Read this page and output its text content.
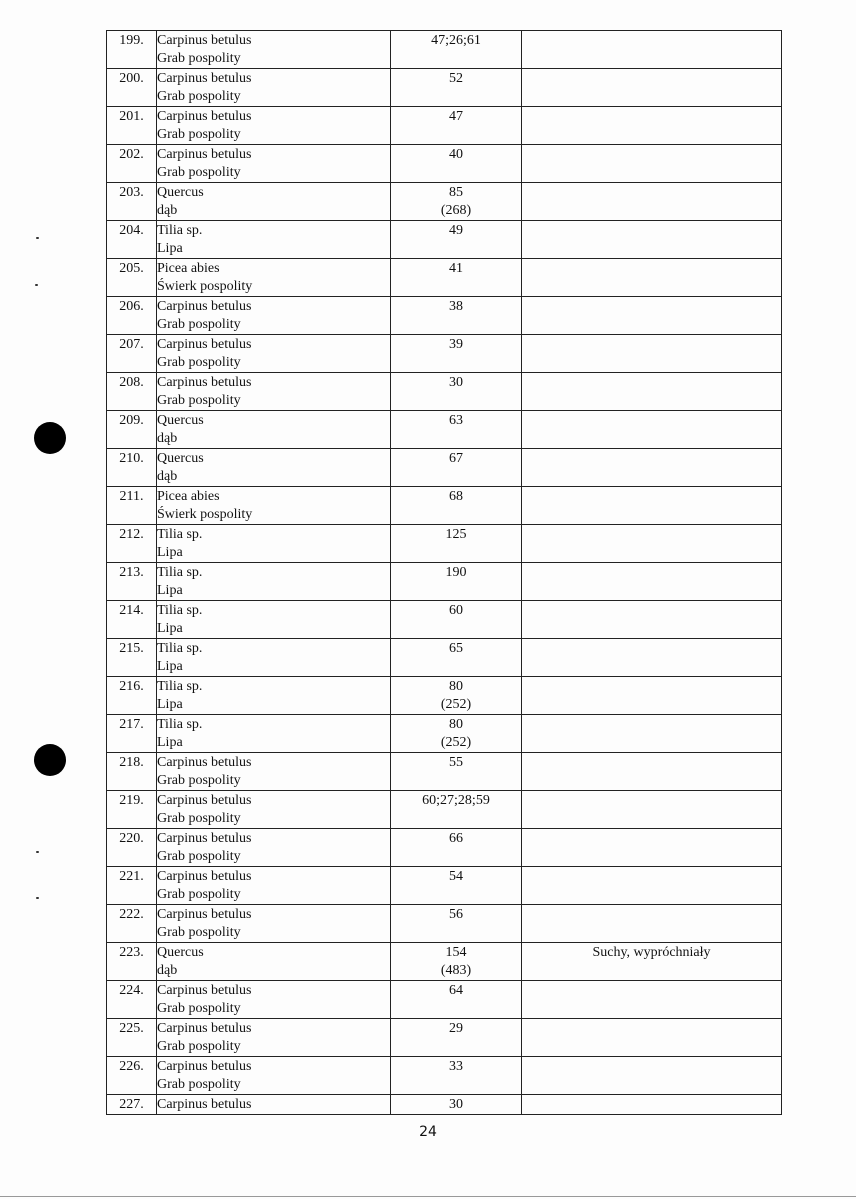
199.	Carpinus betulus
Grab pospolity	47;26;61	

200.	Carpinus betulus
Grab pospolity	52	

201.	Carpinus betulus
Grab pospolity	47	

202.	Carpinus betulus
Grab pospolity	40	

203.	Quercus
dąb	85
(268)	

204.	Tilia sp.
Lipa	49	

205.	Picea abies
Świerk pospolity	41	

206.	Carpinus betulus
Grab pospolity	38	

207.	Carpinus betulus
Grab pospolity	39	

208.	Carpinus betulus
Grab pospolity	30	

209.	Quercus
dąb	63	

210.	Quercus
dąb	67	

211.	Picea abies
Świerk pospolity	68	

212.	Tilia sp.
Lipa	125	

213.	Tilia sp.
Lipa	190	

214.	Tilia sp.
Lipa	60	

215.	Tilia sp.
Lipa	65	

216.	Tilia sp.
Lipa	80
(252)	

217.	Tilia sp.
Lipa	80
(252)	

218.	Carpinus betulus
Grab pospolity	55	

219.	Carpinus betulus
Grab pospolity	60;27;28;59	

220.	Carpinus betulus
Grab pospolity	66	

221.	Carpinus betulus
Grab pospolity	54	

222.	Carpinus betulus
Grab pospolity	56	

223.	Quercus
dąb	154
(483)	Suchy, wypróchniały
224.	Carpinus betulus
Grab pospolity	64	

225.	Carpinus betulus
Grab pospolity	29	

226.	Carpinus betulus
Grab pospolity	33	

227.	Carpinus betulus	30	

24
